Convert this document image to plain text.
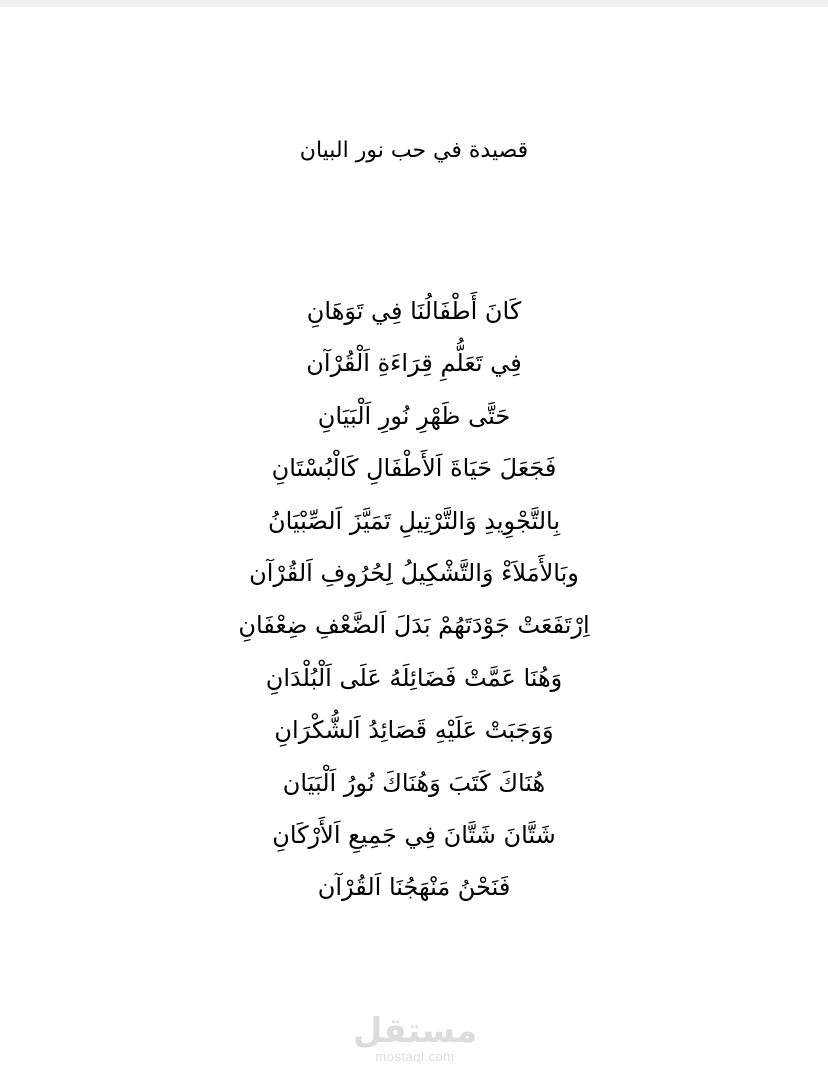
قصيدة في حب نور البيان
كَانَ أَطْفَالُنَا فِي تَوَهَانِ
فِي تَعَلُّمِ قِرَاءَةِ اَلْقُرْآن
حَتَّى ظَهْرِ نُورِ اَلْبَيَانِ
فَجَعَلَ حَيَاةَ اَلأَطْفَالِ كَالْبُسْتَانِ
بِالتَّجْوِيدِ وَالتَّرْتِيلِ تَمَيَّزَ اَلصِّبْيَانُ
وبَالأَمَلاَءْ وَالتَّشْكِيلُ لِحُرُوفِ اَلقُرْآن
اِرْتَفَعَتْ جَوْدَتَهُمْ بَدَلَ اَلضَّعْفِ ضِعْفَانِ
وَهُنَا عَمَّتْ فَضَائِلَهُ عَلَى اَلْبُلْدَانِ
وَوَجَبَتْ عَلَيْهِ قَصَائِدُ اَلشُّكْرَانِ
هُنَاكَ كَتَبَ وَهُنَاكَ نُورُ اَلْبَيَان
شَتَّانَ شَتَّانَ فِي جَمِيعِ اَلأَرْكَانِ
فَنَحْنُ مَنْهَجُنَا اَلقُرْآن
مستقل
mostaql.com
